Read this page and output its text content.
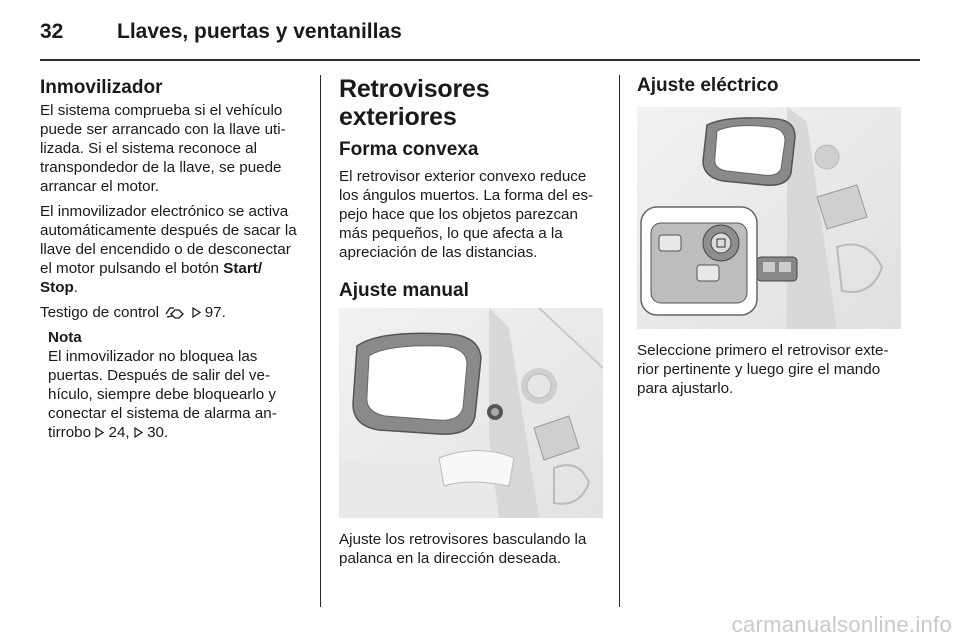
32	Llaves, puertas y ventanillas
Inmovilizador

El sistema comprueba si el vehículo puede ser arrancado con la llave utilizada. Si el sistema reconoce al transpondedor de la llave, se puede arrancar el motor.

El inmovilizador electrónico se activa automáticamente después de sacar la llave del encendido o de desconectar el motor pulsando el botón Start/ Stop.

Testigo de control	97.

Nota
El inmovilizador no bloquea las puertas. Después de salir del vehículo, siempre debe bloquearlo y conectar el sistema de alarma antirrobo  24,  30.
Retrovisores exteriores
Forma convexa

El retrovisor exterior convexo reduce los ángulos muertos. La forma del espejo hace que los objetos parezcan más pequeños, lo que afecta a la apreciación de las distancias.

Ajuste manual

Ajuste los retrovisores basculando la palanca en la dirección deseada.

Ajuste eléctrico

Seleccione primero el retrovisor exterior pertinente y luego gire el mando para ajustarlo.

carmanualsonline.info
